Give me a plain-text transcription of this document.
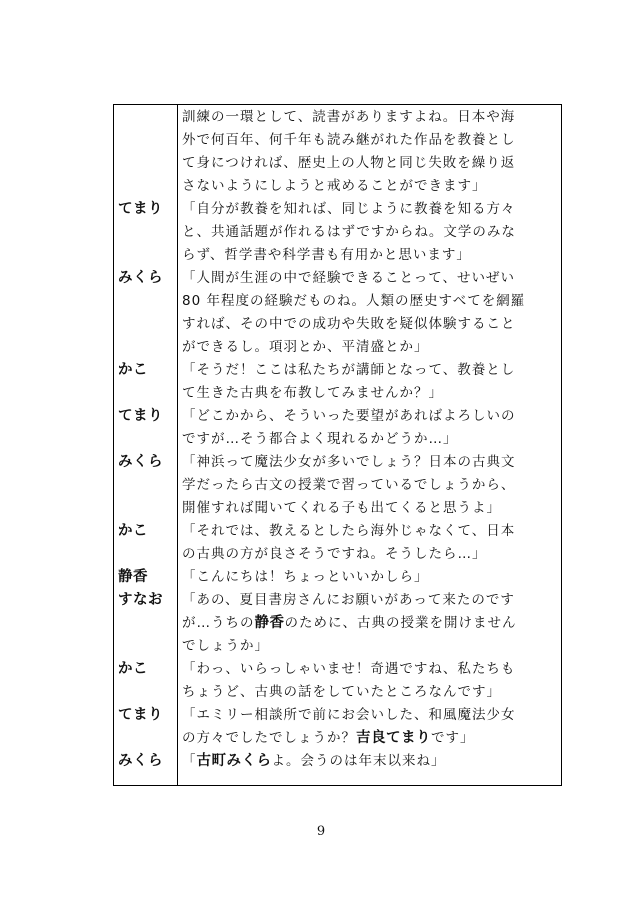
訓練の一環として、読書がありますよね。日本や海
外で何百年、何千年も読み継がれた作品を教養とし
て身につければ、歴史上の人物と同じ失敗を繰り返
さないようにしようと戒めることができます」
てまり	「自分が教養を知れば、同じように教養を知る方々
と、共通話題が作れるはずですからね。文学のみな
らず、哲学書や科学書も有用かと思います」
みくら	「人間が生涯の中で経験できることって、せいぜい
80 年程度の経験だものね。人類の歴史すべてを網羅
すれば、その中での成功や失敗を疑似体験すること
ができるし。項羽とか、平清盛とか」
かこ	「そうだ！ここは私たちが講師となって、教養とし
て生きた古典を布教してみませんか？」
てまり	「どこかから、そういった要望があればよろしいの
ですが…そう都合よく現れるかどうか…」
みくら	「神浜って魔法少女が多いでしょう？日本の古典文
学だったら古文の授業で習っているでしょうから、
開催すれば聞いてくれる子も出てくると思うよ」
かこ	「それでは、教えるとしたら海外じゃなくて、日本
の古典の方が良さそうですね。そうしたら…」
静香	「こんにちは！ちょっといいかしら」
すなお	「あの、夏目書房さんにお願いがあって来たのです
が…うちの静香のために、古典の授業を開けません
でしょうか」
かこ	「わっ、いらっしゃいませ！奇遇ですね、私たちも
ちょうど、古典の話をしていたところなんです」
てまり	「エミリー相談所で前にお会いした、和風魔法少女
の方々でしたでしょうか？吉良てまりです」
みくら	「古町みくらよ。会うのは年末以来ね」
9
